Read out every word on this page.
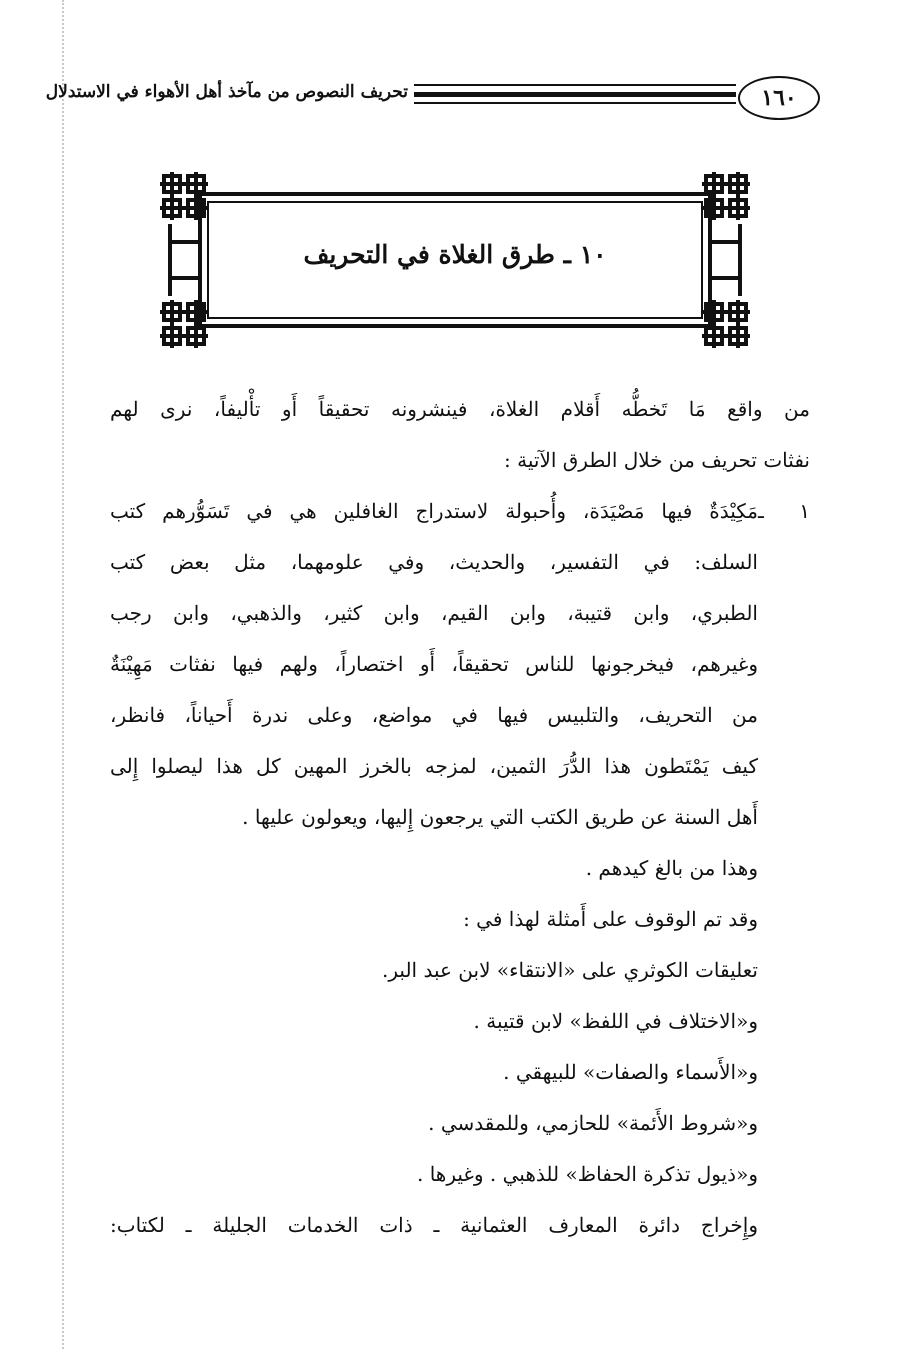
١٦٠
تحريف النصوص من مآخذ أهل الأهواء في الاستدلال
١٠ ـ طرق الغلاة في التحريف
من واقع مَا تَخطُّه أَقلام الغلاة، فينشرونه تحقيقاً أَو تأْليفاً، نرى لهم
نفثات تحريف من خلال الطرق الآتية :
١ ـ
مَكِيْدَةٌ فيها مَصْيَدَة، وأُحبولة لاستدراج الغافلين هي في تَسَوُّرهم كتب
السلف: في التفسير، والحديث، وفي علومهما، مثل بعض كتب
الطبري، وابن قتيبة، وابن القيم، وابن كثير، والذهبي، وابن رجب
وغيرهم، فيخرجونها للناس تحقيقاً، أَو اختصاراً، ولهم فيها نفثات مَهِيْنَةٌ
من التحريف، والتلبيس فيها في مواضع، وعلى ندرة أَحياناً، فانظر،
كيف يَمْتَطون هذا الدُّرَ الثمين، لمزجه بالخرز المهين كل هذا ليصلوا إِلى
أَهل السنة عن طريق الكتب التي يرجعون إِليها، ويعولون عليها .
وهذا من بالغ كيدهم .
وقد تم الوقوف على أَمثلة لهذا في :
تعليقات الكوثري على «الانتقاء» لابن عبد البر.
و«الاختلاف في اللفظ» لابن قتيبة .
و«الأَسماء والصفات» للبيهقي .
و«شروط الأَئمة» للحازمي، وللمقدسي .
و«ذيول تذكرة الحفاظ» للذهبي . وغيرها .
وإِخراج دائرة المعارف العثمانية ـ ذات الخدمات الجليلة ـ لكتاب:
